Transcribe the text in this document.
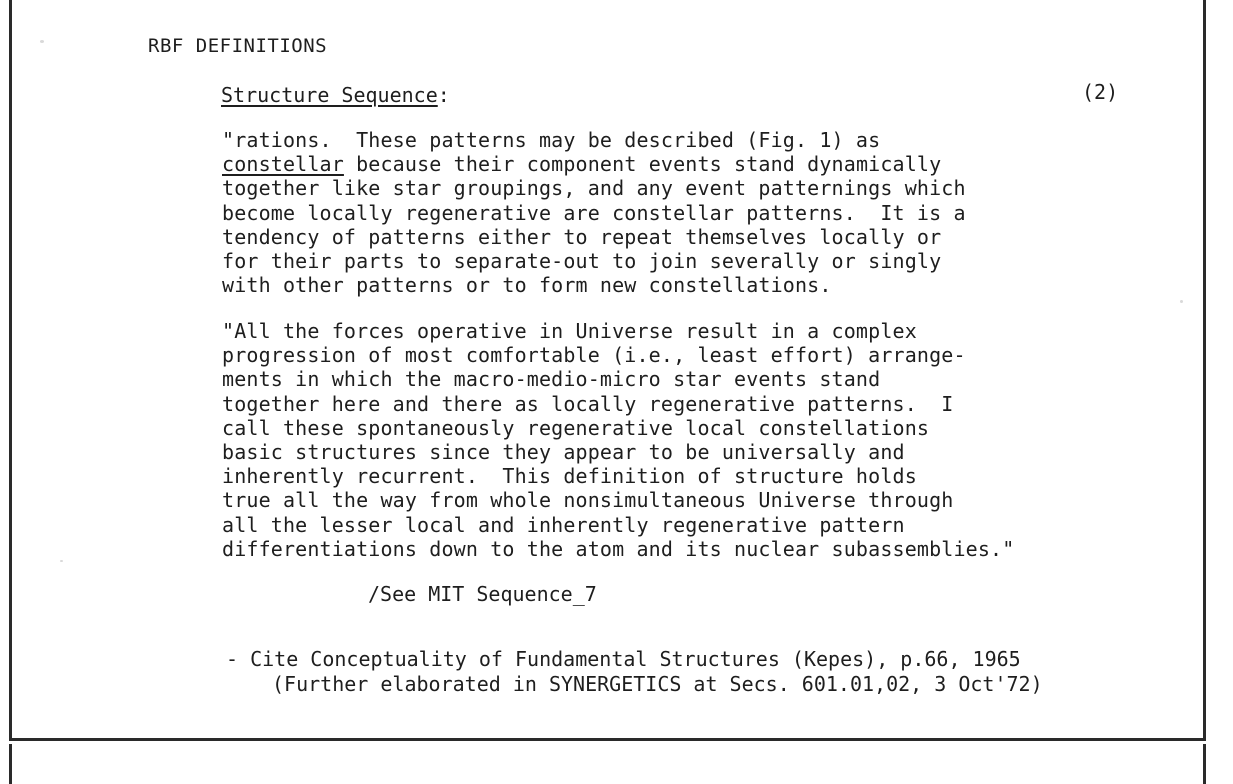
RBF DEFINITIONS
Structure Sequence:	(2)
"rations.  These patterns may be described (Fig. 1) as
constellar because their component events stand dynamically
together like star groupings, and any event patternings which
become locally regenerative are constellar patterns.  It is a
tendency of patterns either to repeat themselves locally or
for their parts to separate-out to join severally or singly
with other patterns or to form new constellations.
"All the forces operative in Universe result in a complex
progression of most comfortable (i.e., least effort) arrange-
ments in which the macro-medio-micro star events stand
together here and there as locally regenerative patterns.  I
call these spontaneously regenerative local constellations
basic structures since they appear to be universally and
inherently recurrent.  This definition of structure holds
true all the way from whole nonsimultaneous Universe through
all the lesser local and inherently regenerative pattern
differentiations down to the atom and its nuclear subassemblies."
/See MIT Sequence_7
- Cite Conceptuality of Fundamental Structures (Kepes), p.66, 1965
(Further elaborated in SYNERGETICS at Secs. 601.01,02, 3 Oct'72)
